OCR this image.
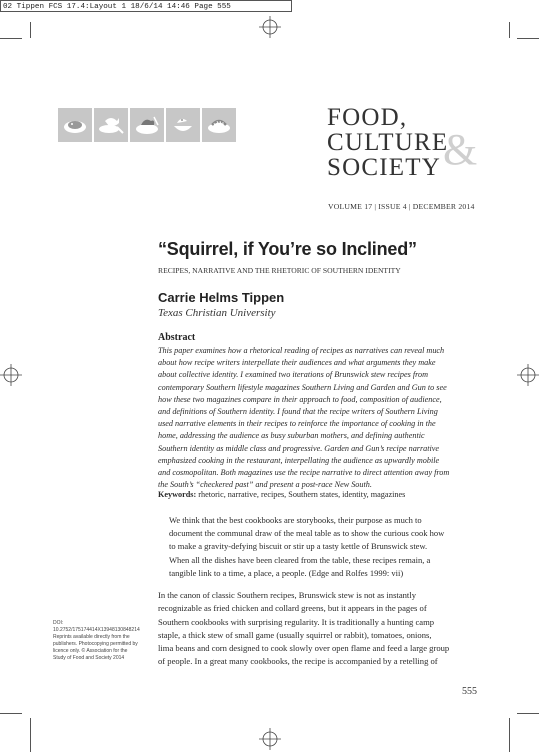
02 Tippen FCS 17.4:Layout 1 18/6/14 14:46 Page 555
&
FOOD,
CULTURE
SOCIETY
VOLUME 17 | ISSUE 4 | DECEMBER 2014
“Squirrel, if You’re so Inclined”
RECIPES, NARRATIVE AND THE RHETORIC OF SOUTHERN IDENTITY
Carrie Helms Tippen
Texas Christian University
Abstract
This paper examines how a rhetorical reading of recipes as narratives can reveal much
about how recipe writers interpellate their audiences and what arguments they make
about collective identity. I examined two iterations of Brunswick stew recipes from
contemporary Southern lifestyle magazines Southern Living and Garden and Gun to see
how these two magazines compare in their approach to food, composition of audience,
and definitions of Southern identity. I found that the recipe writers of Southern Living
used narrative elements in their recipes to reinforce the importance of cooking in the
home, addressing the audience as busy suburban mothers, and defining authentic
Southern identity as middle class and progressive. Garden and Gun’s recipe narrative
emphasized cooking in the restaurant, interpellating the audience as upwardly mobile
and cosmopolitan. Both magazines use the recipe narrative to direct attention away from
the South’s “checkered past” and present a post-race New South.
Keywords: rhetoric, narrative, recipes, Southern states, identity, magazines
We think that the best cookbooks are storybooks, their purpose as much to
document the communal draw of the meal table as to show the curious cook how
to make a gravity-defying biscuit or stir up a tasty kettle of Brunswick stew.
When all the dishes have been cleared from the table, these recipes remain, a
tangible link to a time, a place, a people. (Edge and Rolfes 1999: vii)
In the canon of classic Southern recipes, Brunswick stew is not as instantly
recognizable as fried chicken and collard greens, but it appears in the pages of
Southern cookbooks with surprising regularity. It is traditionally a hunting camp
staple, a thick stew of small game (usually squirrel or rabbit), tomatoes, onions,
lima beans and corn designed to cook slowly over open flame and feed a large group
of people. In a great many cookbooks, the recipe is accompanied by a retelling of
DOI:
10.2752/175174414X13948130848214
Reprints available directly from the
publishers. Photocopying permitted by
licence only. © Association for the
Study of Food and Society 2014
555
